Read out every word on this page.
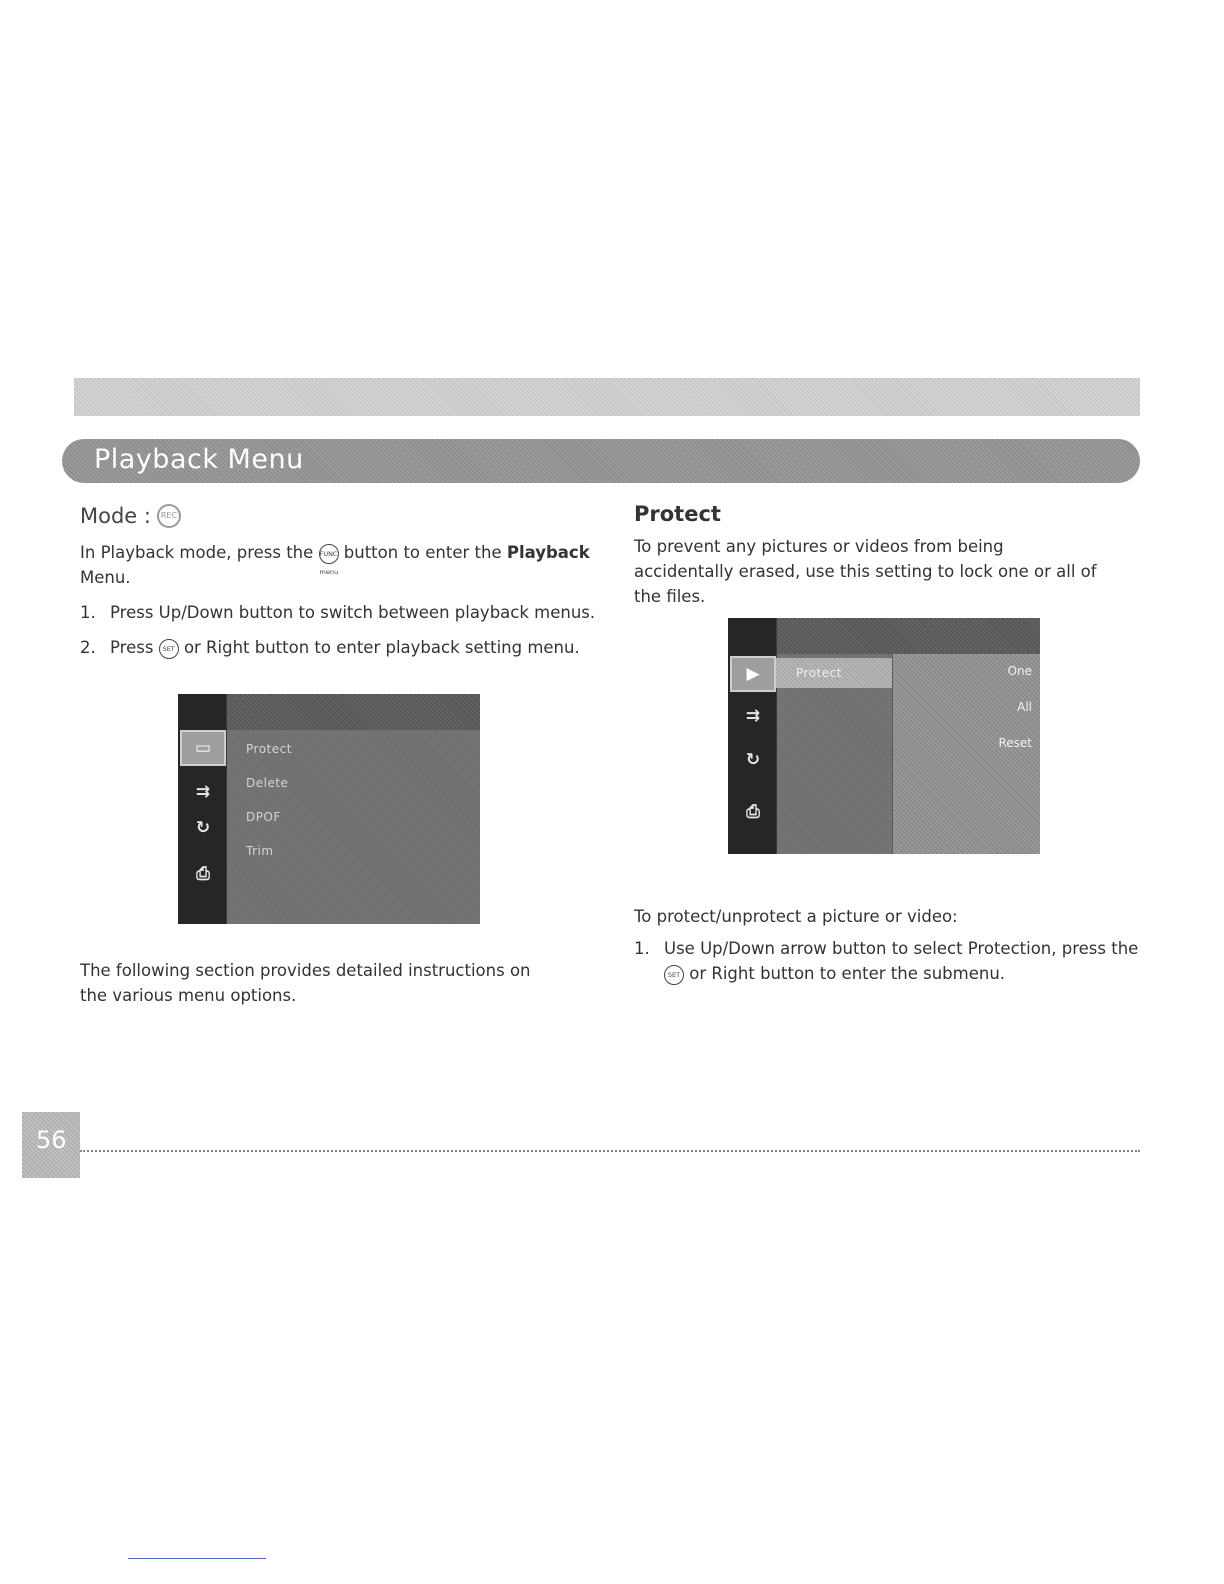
Playback Menu
Mode :	REC

In Playback mode, press the FUNC menu button to enter the Playback Menu.

1. Press Up/Down button to switch between playback menus.
2. Press SET or Right button to enter playback setting menu.
▭
⇉
↻
⎙
Protect
Delete
DPOF
Trim

The following section provides detailed instructions on the various menu options.

Protect

To prevent any pictures or videos from being accidentally erased, use this setting to lock one or all of the files.

▶
⇉
↻
⎙
Protect	One
All
Reset

To protect/unprotect a picture or video:

1. Use Up/Down arrow button to select Protection, press the SET or Right button to enter the submenu.
56
